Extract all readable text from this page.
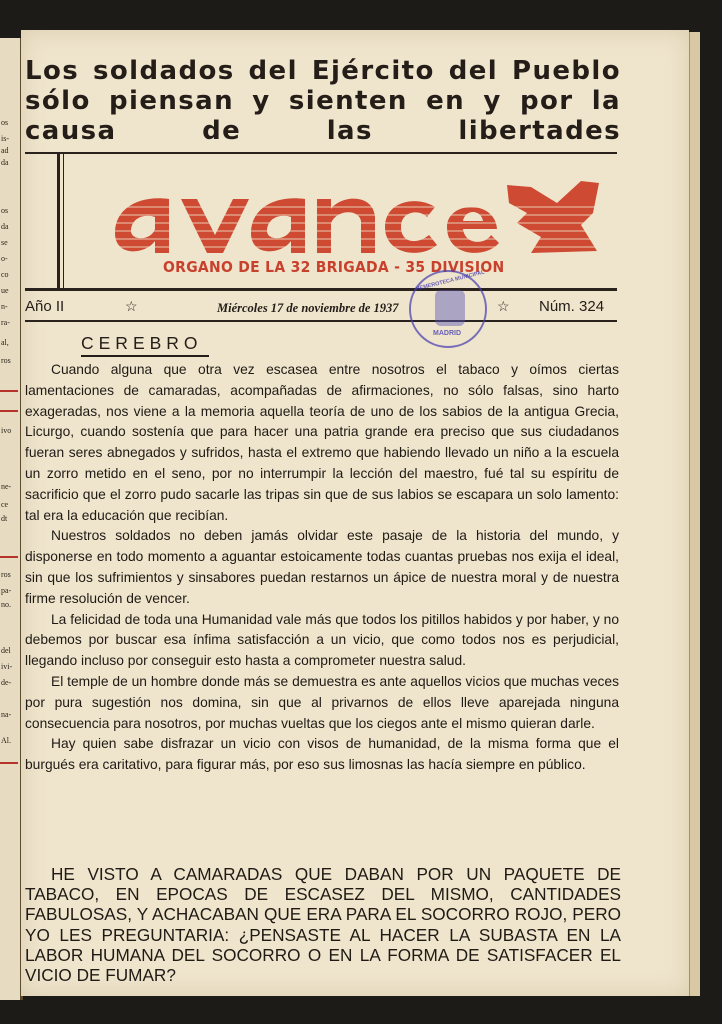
os
is-
ad
da
os
da
se
o-
co
ue
n-
ra-
al,
ros
ivo
ne-
ce
dt
ros
pa-
no.
del
ivi-
de-
na-
Al.
Los soldados del Ejército del Pueblo sólo piensan y sienten en y por la causa de las libertades
ORGANO DE LA 32 BRIGADA - 35 DIVISION
Año II	☆	Miércoles 17 de noviembre de 1937	☆ Núm. 324
HEMEROTECA MUNICIPAL
MADRID
CEREBRO

Cuando alguna que otra vez escasea entre nosotros el tabaco y oímos ciertas lamentaciones de camaradas, acompañadas de afirmaciones, no sólo falsas, sino harto exageradas, nos viene a la memoria aquella teoría de uno de los sabios de la antigua Grecia, Licurgo, cuando sostenía que para hacer una patria grande era preciso que sus ciudadanos fueran seres abnegados y sufridos, hasta el extremo que habiendo llevado un niño a la escuela un zorro metido en el seno, por no interrumpir la lección del maestro, fué tal su espíritu de sacrificio que el zorro pudo sacarle las tripas sin que de sus labios se escapara un solo lamento: tal era la educación que recibían.

Nuestros soldados no deben jamás olvidar este pasaje de la historia del mundo, y disponerse en todo momento a aguantar estoicamente todas cuantas pruebas nos exija el ideal, sin que los sufrimientos y sinsabores puedan restarnos un ápice de nuestra moral y de nuestra firme resolución de vencer.

La felicidad de toda una Humanidad vale más que todos los pitillos habidos y por haber, y no debemos por buscar esa ínfima satisfacción a un vicio, que como todos nos es perjudicial, llegando incluso por conseguir esto hasta a comprometer nuestra salud.

El temple de un hombre donde más se demuestra es ante aquellos vicios que muchas veces por pura sugestión nos domina, sin que al privarnos de ellos lleve aparejada ninguna consecuencia para nosotros, por muchas vueltas que los ciegos ante el mismo quieran darle.

Hay quien sabe disfrazar un vicio con visos de humanidad, de la misma forma que el burgués era caritativo, para figurar más, por eso sus limosnas las hacía siempre en público.

HE VISTO A CAMARADAS QUE DABAN POR UN PAQUETE DE TABACO, EN EPOCAS DE ESCASEZ DEL MISMO, CANTIDADES FABULOSAS, Y ACHACABAN QUE ERA PARA EL SOCORRO ROJO, PERO YO LES PREGUNTARIA: ¿PENSASTE AL HACER LA SUBASTA EN LA LABOR HUMANA DEL SOCORRO O EN LA FORMA DE SATISFACER EL VICIO DE FUMAR?
